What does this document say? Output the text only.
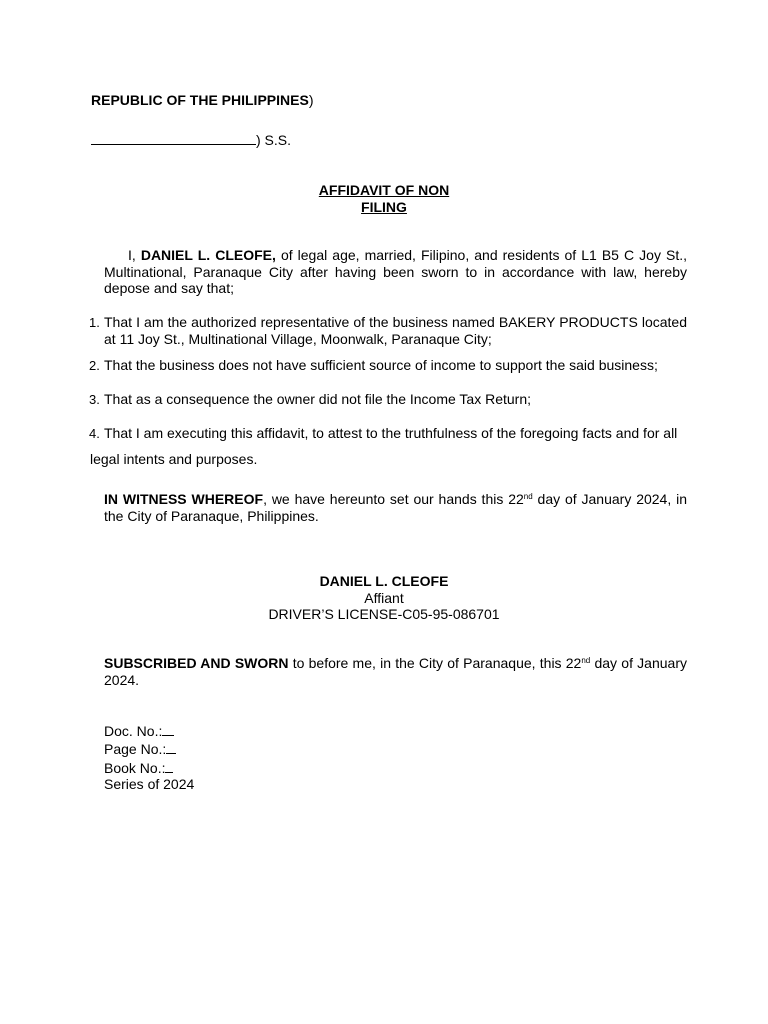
REPUBLIC OF THE PHILIPPINES)
) S.S.
AFFIDAVIT OF NON
FILING
I, DANIEL L. CLEOFE, of legal age, married, Filipino, and residents of L1 B5 C Joy St.,
Multinational, Paranaque City after having been sworn to in accordance with law, hereby
depose and say that;
1. That I am the authorized representative of the business named BAKERY PRODUCTS located
at 11 Joy St., Multinational Village, Moonwalk, Paranaque City;
2. That the business does not have sufficient source of income to support the said business;
3. That as a consequence the owner did not file the Income Tax Return;
4. That I am executing this affidavit, to attest to the truthfulness of the foregoing facts and for all
legal intents and purposes.
IN WITNESS WHEREOF, we have hereunto set our hands this 22nd day of January 2024, in
the City of Paranaque, Philippines.
DANIEL L. CLEOFE
Affiant
DRIVER’S LICENSE-C05-95-086701
SUBSCRIBED AND SWORN to before me, in the City of Paranaque, this 22nd day of January
2024.
Doc. No.:
Page No.:
Book No.:
Series of 2024
